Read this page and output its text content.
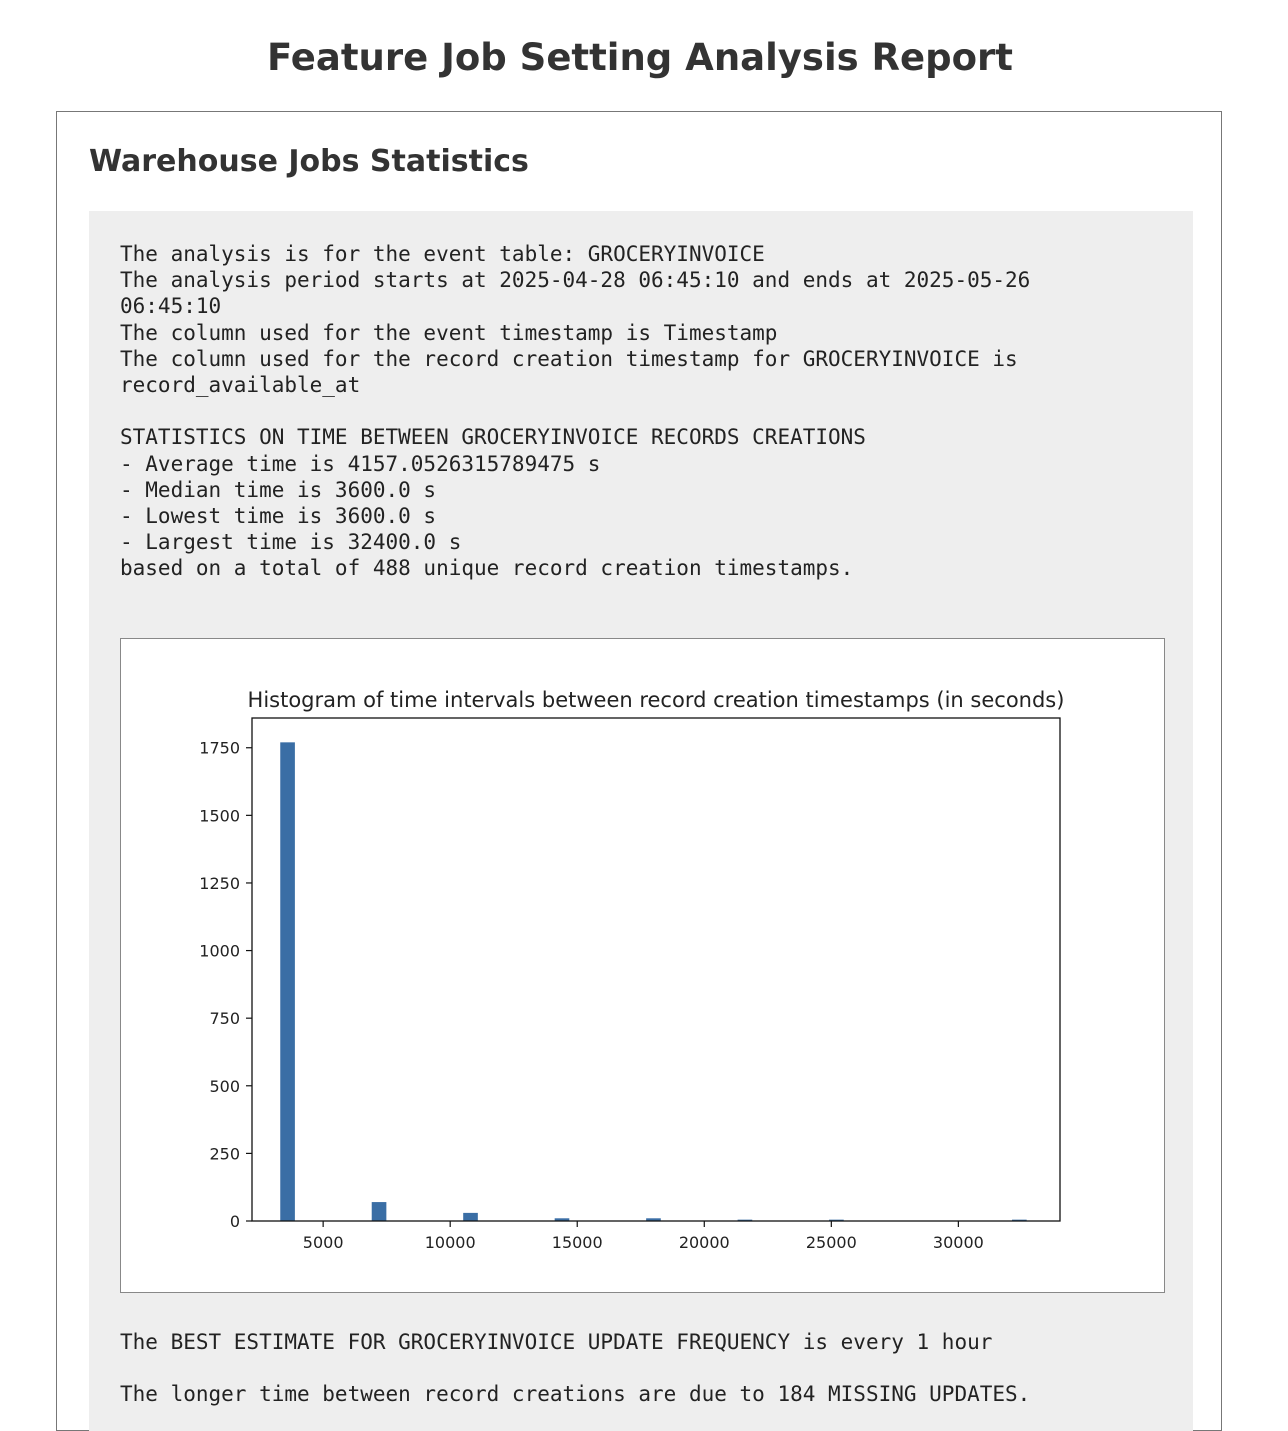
Feature Job Setting Analysis Report
Warehouse Jobs Statistics
The analysis is for the event table: GROCERYINVOICE
The analysis period starts at 2025-04-28 06:45:10 and ends at 2025-05-26
06:45:10
The column used for the event timestamp is Timestamp
The column used for the record creation timestamp for GROCERYINVOICE is
record_available_at

STATISTICS ON TIME BETWEEN GROCERYINVOICE RECORDS CREATIONS
- Average time is 4157.0526315789475 s
- Median time is 3600.0 s
- Lowest time is 3600.0 s
- Largest time is 32400.0 s
based on a total of 488 unique record creation timestamps.
Histogram of time intervals between record creation timestamps (in seconds)
0
250
500
750
1000
1250
1500
1750
5000	10000	15000	20000	25000	30000
The BEST ESTIMATE FOR GROCERYINVOICE UPDATE FREQUENCY is every 1 hour

The longer time between record creations are due to 184 MISSING UPDATES.
